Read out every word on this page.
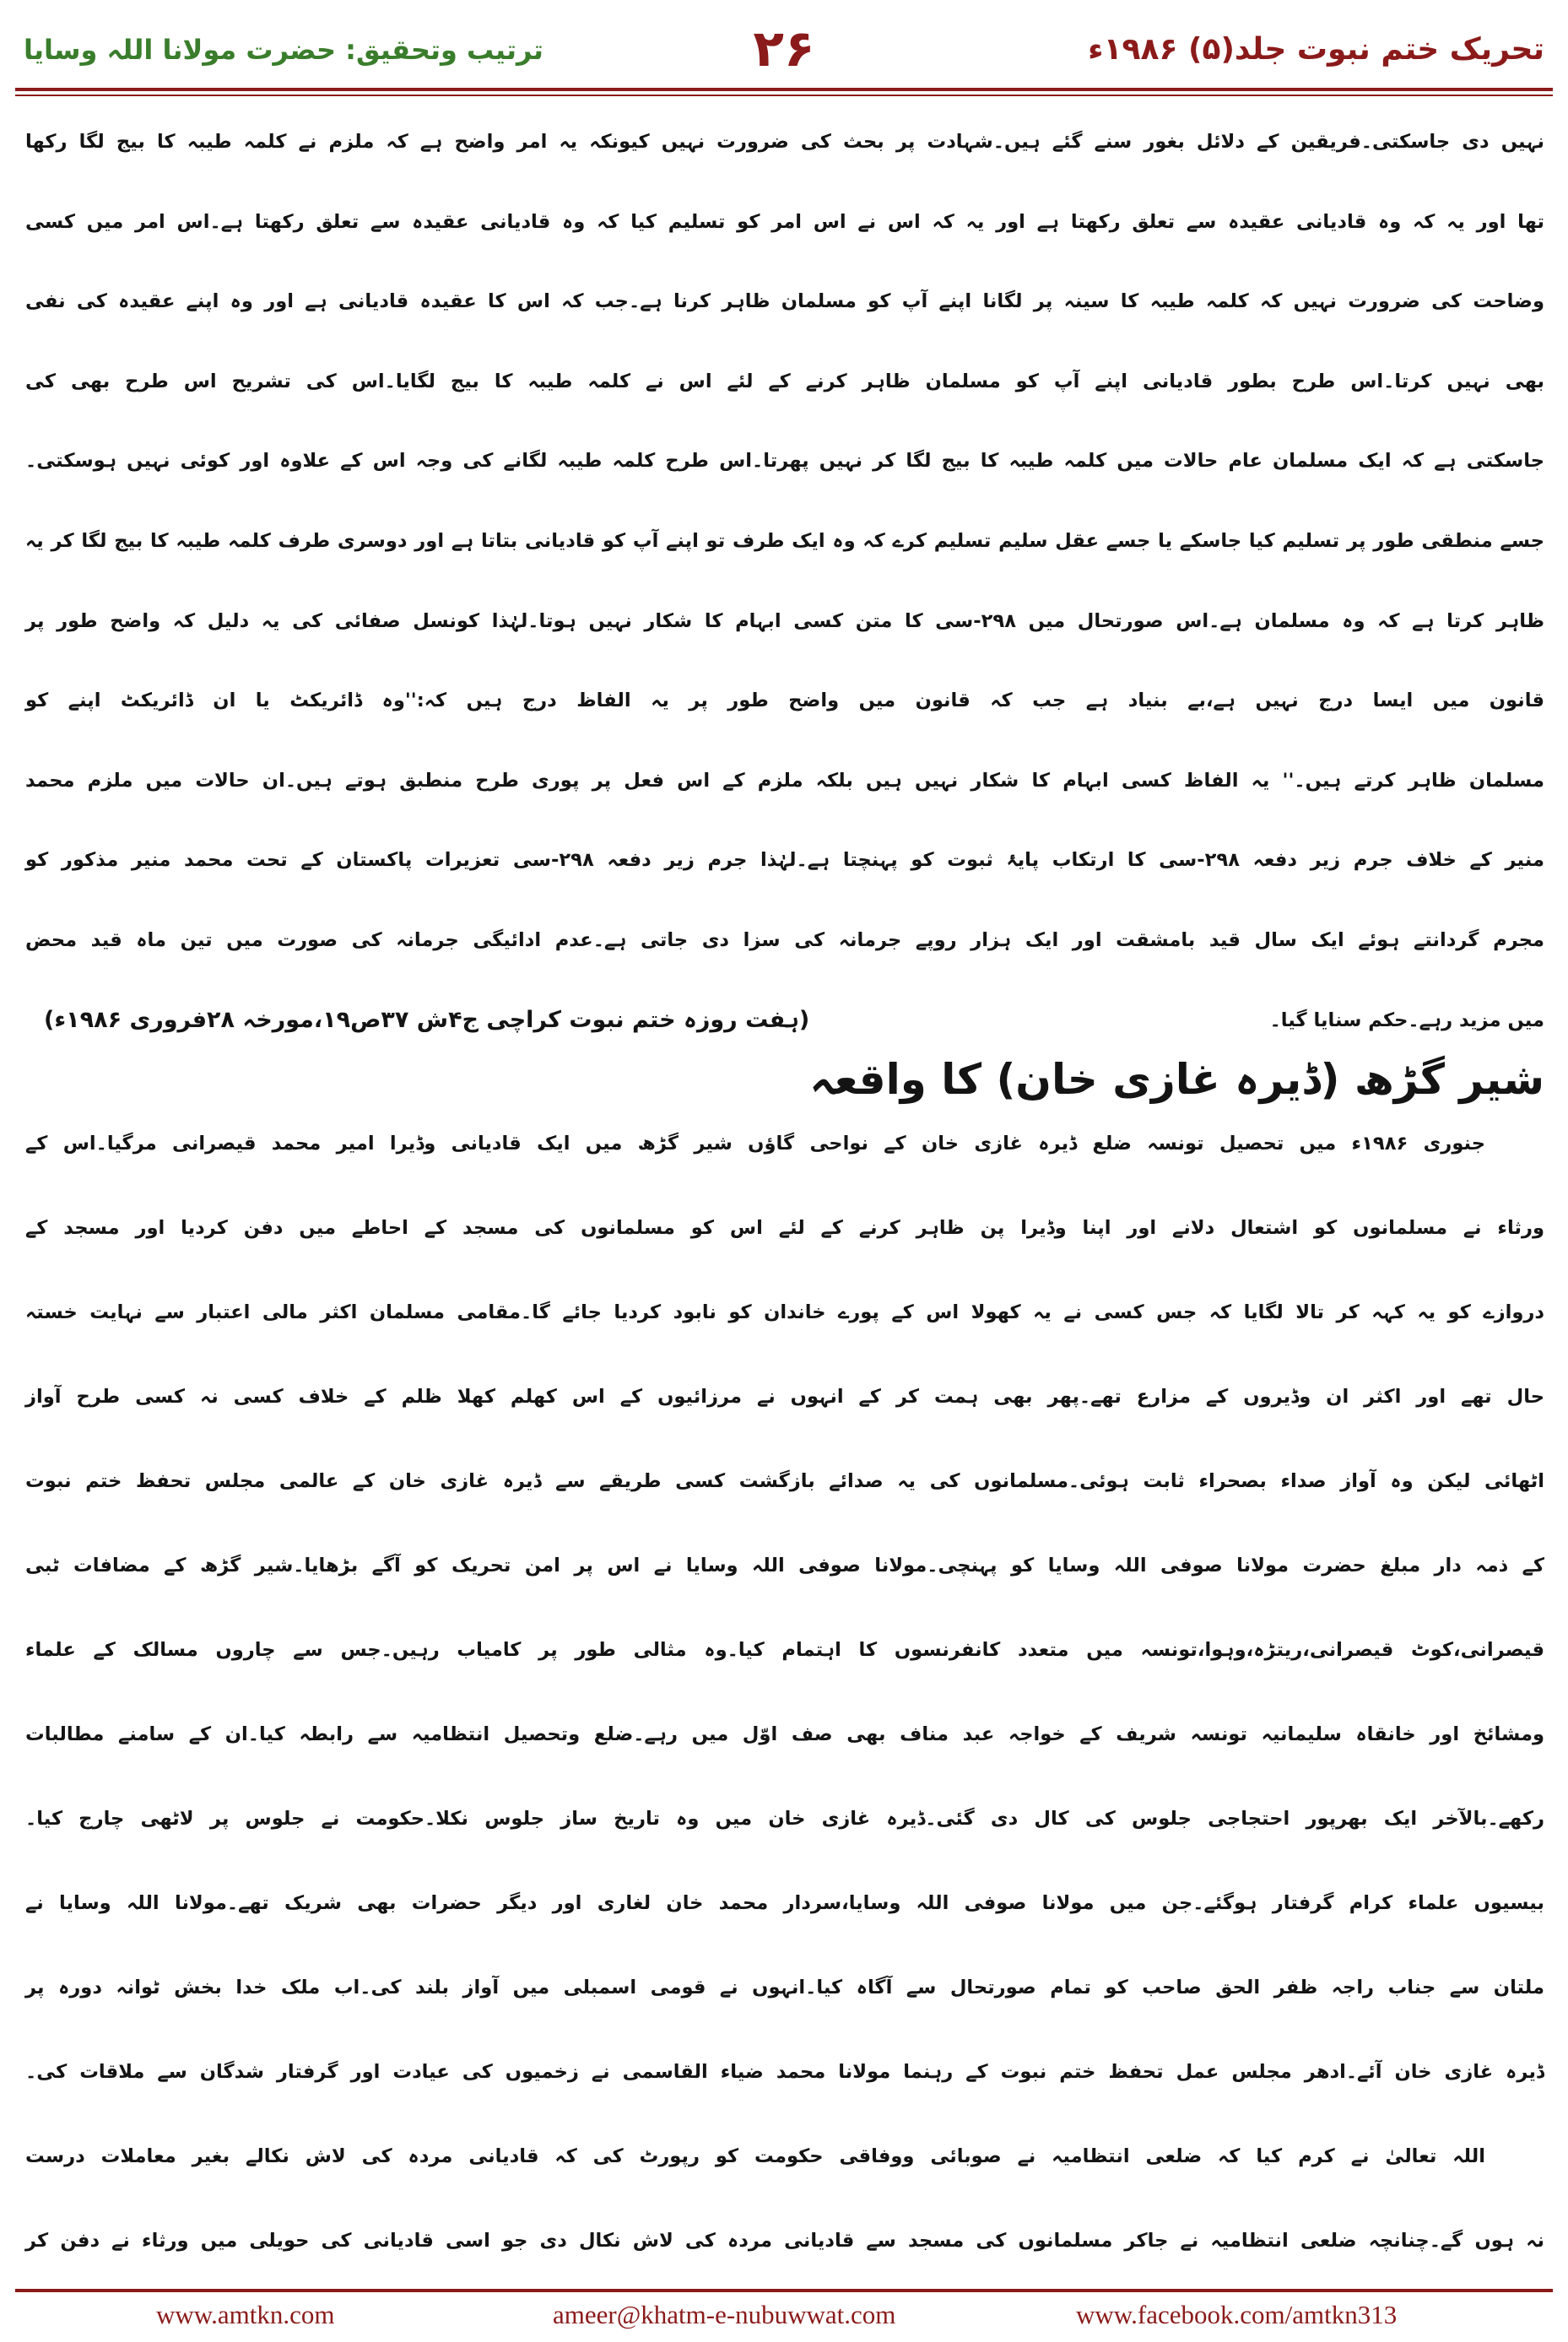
تحریک ختم نبوت جلد(۵) ۱۹۸۶ء
۲۶
ترتیب وتحقیق: حضرت مولانا اللہ وسایا
نہیں دی جاسکتی۔فریقین کے دلائل بغور سنے گئے ہیں۔شہادت پر بحث کی ضرورت نہیں کیونکہ یہ امر واضح ہے کہ ملزم نے کلمہ طیبہ کا بیج لگا رکھا
تھا اور یہ کہ وہ قادیانی عقیدہ سے تعلق رکھتا ہے اور یہ کہ اس نے اس امر کو تسلیم کیا کہ وہ قادیانی عقیدہ سے تعلق رکھتا ہے۔اس امر میں کسی
وضاحت کی ضرورت نہیں کہ کلمہ طیبہ کا سینہ پر لگانا اپنے آپ کو مسلمان ظاہر کرنا ہے۔جب کہ اس کا عقیدہ قادیانی ہے اور وہ اپنے عقیدہ کی نفی
بھی نہیں کرتا۔اس طرح بطور قادیانی اپنے آپ کو مسلمان ظاہر کرنے کے لئے اس نے کلمہ طیبہ کا بیج لگایا۔اس کی تشریح اس طرح بھی کی
جاسکتی ہے کہ ایک مسلمان عام حالات میں کلمہ طیبہ کا بیج لگا کر نہیں پھرتا۔اس طرح کلمہ طیبہ لگانے کی وجہ اس کے علاوہ اور کوئی نہیں ہوسکتی۔
جسے منطقی طور پر تسلیم کیا جاسکے یا جسے عقل سلیم تسلیم کرے کہ وہ ایک طرف تو اپنے آپ کو قادیانی بتاتا ہے اور دوسری طرف کلمہ طیبہ کا بیج لگا کر یہ
ظاہر کرتا ہے کہ وہ مسلمان ہے۔اس صورتحال میں ۲۹۸-سی کا متن کسی ابہام کا شکار نہیں ہوتا۔لہٰذا کونسل صفائی کی یہ دلیل کہ واضح طور پر
قانون میں ایسا درج نہیں ہے،بے بنیاد ہے جب کہ قانون میں واضح طور پر یہ الفاظ درج ہیں کہ:''وہ ڈائریکٹ یا ان ڈائریکٹ اپنے کو
مسلمان ظاہر کرتے ہیں۔'' یہ الفاظ کسی ابہام کا شکار نہیں ہیں بلکہ ملزم کے اس فعل پر پوری طرح منطبق ہوتے ہیں۔ان حالات میں ملزم محمد
منیر کے خلاف جرم زیر دفعہ ۲۹۸-سی کا ارتکاب پایۂ ثبوت کو پہنچتا ہے۔لہٰذا جرم زیر دفعہ ۲۹۸-سی تعزیرات پاکستان کے تحت محمد منیر مذکور کو
مجرم گردانتے ہوئے ایک سال قید بامشقت اور ایک ہزار روپے جرمانہ کی سزا دی جاتی ہے۔عدم ادائیگی جرمانہ کی صورت میں تین ماہ قید محض
میں مزید رہے۔حکم سنایا گیا۔
(ہفت روزہ ختم نبوت کراچی ج۴ش ۳۷ص۱۹،مورخہ ۲۸فروری ۱۹۸۶ء)
شیر گڑھ (ڈیرہ غازی خان) کا واقعہ
جنوری ۱۹۸۶ء میں تحصیل تونسہ ضلع ڈیرہ غازی خان کے نواحی گاؤں شیر گڑھ میں ایک قادیانی وڈیرا امیر محمد قیصرانی مرگیا۔اس کے
ورثاء نے مسلمانوں کو اشتعال دلانے اور اپنا وڈیرا پن ظاہر کرنے کے لئے اس کو مسلمانوں کی مسجد کے احاطے میں دفن کردیا اور مسجد کے
دروازے کو یہ کہہ کر تالا لگایا کہ جس کسی نے یہ کھولا اس کے پورے خاندان کو نابود کردیا جائے گا۔مقامی مسلمان اکثر مالی اعتبار سے نہایت خستہ
حال تھے اور اکثر ان وڈیروں کے مزارع تھے۔پھر بھی ہمت کر کے انہوں نے مرزائیوں کے اس کھلم کھلا ظلم کے خلاف کسی نہ کسی طرح آواز
اٹھائی لیکن وہ آواز صداء بصحراء ثابت ہوئی۔مسلمانوں کی یہ صدائے بازگشت کسی طریقے سے ڈیرہ غازی خان کے عالمی مجلس تحفظ ختم نبوت
کے ذمہ دار مبلغ حضرت مولانا صوفی اللہ وسایا کو پہنچی۔مولانا صوفی اللہ وسایا نے اس پر امن تحریک کو آگے بڑھایا۔شیر گڑھ کے مضافات ٹبی
قیصرانی،کوٹ قیصرانی،ریتڑہ،وہوا،تونسہ میں متعدد کانفرنسوں کا اہتمام کیا۔وہ مثالی طور پر کامیاب رہیں۔جس سے چاروں مسالک کے علماء
ومشائخ اور خانقاہ سلیمانیہ تونسہ شریف کے خواجہ عبد مناف بھی صف اوّل میں رہے۔ضلع وتحصیل انتظامیہ سے رابطہ کیا۔ان کے سامنے مطالبات
رکھے۔بالآخر ایک بھرپور احتجاجی جلوس کی کال دی گئی۔ڈیرہ غازی خان میں وہ تاریخ ساز جلوس نکلا۔حکومت نے جلوس پر لاٹھی چارج کیا۔
بیسیوں علماء کرام گرفتار ہوگئے۔جن میں مولانا صوفی اللہ وسایا،سردار محمد خان لغاری اور دیگر حضرات بھی شریک تھے۔مولانا اللہ وسایا نے
ملتان سے جناب راجہ ظفر الحق صاحب کو تمام صورتحال سے آگاہ کیا۔انہوں نے قومی اسمبلی میں آواز بلند کی۔اب ملک خدا بخش ٹوانہ دورہ پر
ڈیرہ غازی خان آئے۔ادھر مجلس عمل تحفظ ختم نبوت کے رہنما مولانا محمد ضیاء القاسمی نے زخمیوں کی عیادت اور گرفتار شدگان سے ملاقات کی۔
اللہ تعالیٰ نے کرم کیا کہ ضلعی انتظامیہ نے صوبائی ووفاقی حکومت کو رپورٹ کی کہ قادیانی مردہ کی لاش نکالے بغیر معاملات درست
نہ ہوں گے۔چنانچہ ضلعی انتظامیہ نے جاکر مسلمانوں کی مسجد سے قادیانی مردہ کی لاش نکال دی جو اسی قادیانی کی حویلی میں ورثاء نے دفن کر
www.amtkn.com	ameer@khatm-e-nubuwwat.com	www.facebook.com/amtkn313
